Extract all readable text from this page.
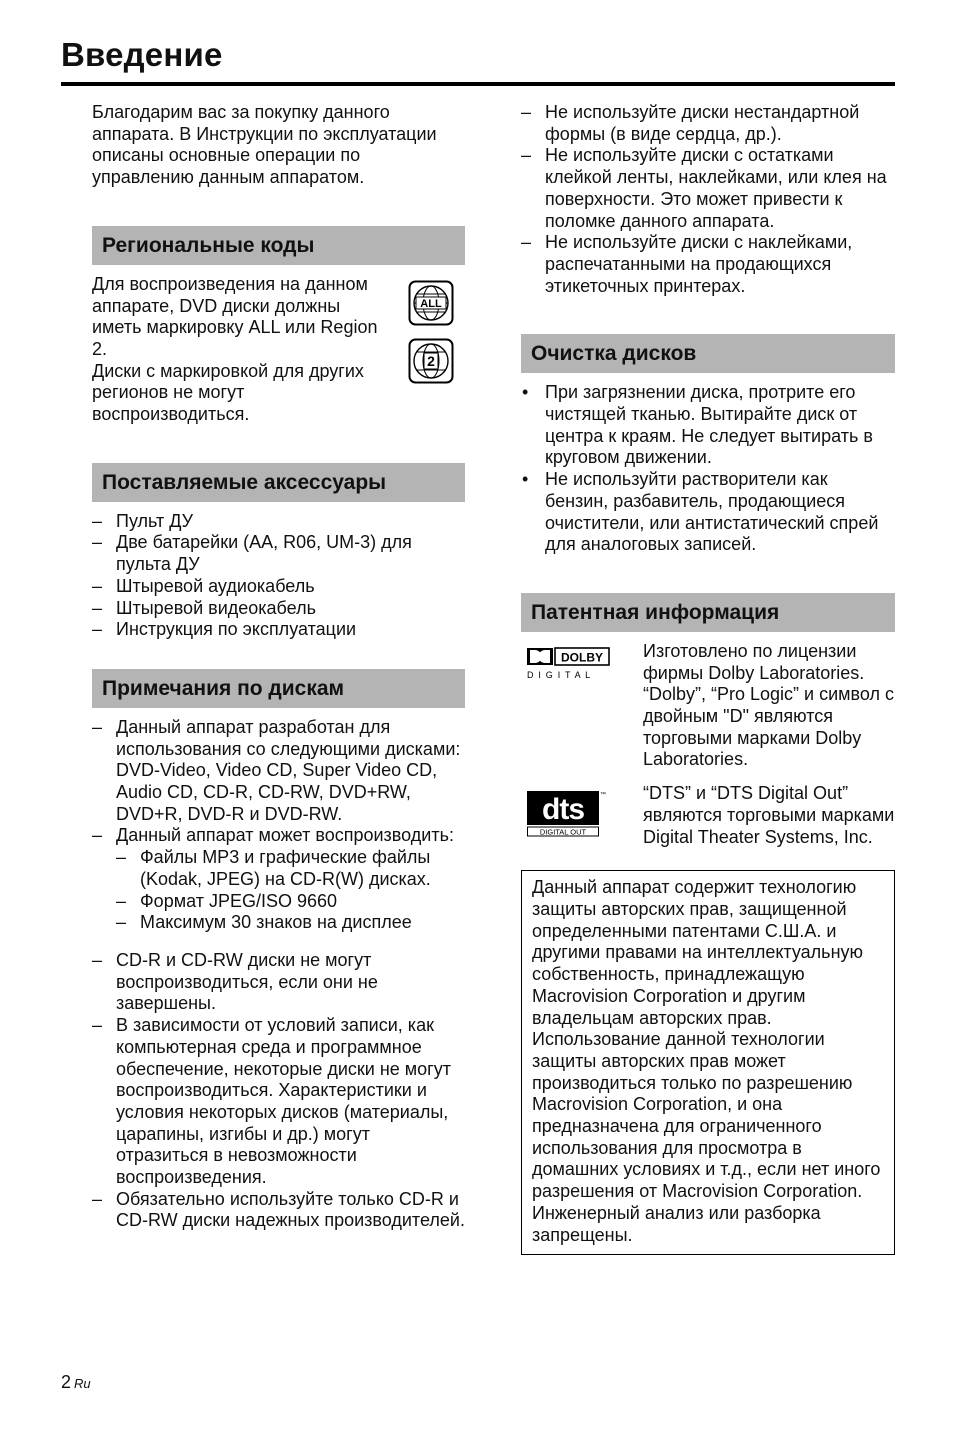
Введение

Благодарим вас за покупку данного аппарата. В Инструкции по эксплуатации описаны основные операции по управлению данным аппаратом.

Региональные коды

Для воспроизведения на данном аппарате, DVD диски должны иметь маркировку ALL или Region 2.

Диски с маркировкой для других регионов не могут воспроизводиться.

ALL
2
Поставляемые аксессуары
– Пульт ДУ
– Две батарейки (AA, R06, UM-3) для пульта ДУ
– Штыревой аудиокабель
– Штыревой видеокабель
– Инструкция по эксплуатации
Примечания по дискам
– Данный аппарат разработан для использования со следующими дисками: DVD-Video, Video CD, Super Video CD, Audio CD, CD-R, CD-RW, DVD+RW, DVD+R, DVD-R и DVD-RW.
– Данный аппарат может воспроизводить:
– Файлы MP3 и графические файлы (Kodak, JPEG) на CD-R(W) дисках.
– Формат JPEG/ISO 9660
– Максимум 30 знаков на дисплее
– CD-R и CD-RW диски не могут воспроизводиться, если они не завершены.
– В зависимости от условий записи, как компьютерная среда и программное обеспечение, некоторые диски не могут воспроизводиться. Характеристики и условия некоторых дисков (материалы, царапины, изгибы и др.) могут отразиться в невозможности воспроизведения.
– Обязательно используйте только CD-R и CD-RW диски надежных производителей.
– Не используйте диски нестандартной формы (в виде сердца, др.).
– Не используйте диски с остатками клейкой ленты, наклейками, или клея на поверхности. Это может привести к поломке данного аппарата.
– Не используйте диски с наклейками, распечатанными на продающихся этикеточных принтерах.
Очистка дисков
• При загрязнении диска, протрите его чистящей тканью. Вытирайте диск от центра к краям. Не следует вытирать в круговом движении.
• Не используйти растворители как бензин, разбавитель, продающиеся очистители, или антистатический спрей для аналоговых записей.
Патентная информация
DOLBY
D I G I T A L
Изготовлено по лицензии фирмы Dolby Laboratories. “Dolby”, “Pro Logic” и символ с двойным "D" являются торговыми марками Dolby Laboratories.
dts	™
DIGITAL OUT
“DTS” и “DTS Digital Out” являются торговыми марками Digital Theater Systems, Inc.

Данный аппарат содержит технологию защиты авторских прав, защищенной определенными патентами С.Ш.А. и другими правами на интеллектуальную собственность, принадлежащую Macrovision Corporation и другим владельцам авторских прав. Использование данной технологии защиты авторских прав может производиться только по разрешению Macrovision Corporation, и она предназначена для ограниченного использования для просмотра в домашних условиях и т.д., если нет иного разрешения от Macrovision Corporation. Инженерный анализ или разборка запрещены.

2 Ru
